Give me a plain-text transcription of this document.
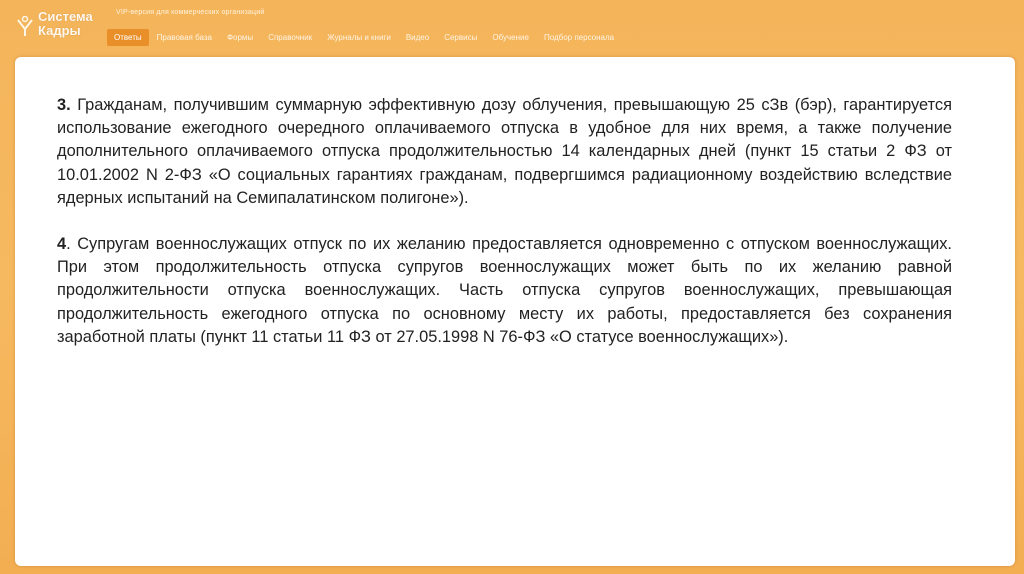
Система
Кадры
VIP-версия для коммерческих организаций
Ответы	Правовая база	Формы	Справочник	Журналы и книги	Видео	Сервисы	Обучение	Подбор персонала

3. Гражданам, получившим суммарную эффективную дозу облучения, превышающую 25 сЗв (бэр), гарантируется использование ежегодного очередного оплачиваемого отпуска в удобное для них время, а также получение дополнительного оплачиваемого отпуска продолжительностью 14 календарных дней (пункт 15 статьи 2 ФЗ от 10.01.2002 N 2-ФЗ «О социальных гарантиях гражданам, подвергшимся радиационному воздействию вследствие ядерных испытаний на Семипалатинском полигоне»).

4. Супругам военнослужащих отпуск по их желанию предоставляется одновременно с отпуском военнослужащих. При этом продолжительность отпуска супругов военнослужащих может быть по их желанию равной продолжительности отпуска военнослужащих. Часть отпуска супругов военнослужащих, превышающая продолжительность ежегодного отпуска по основному месту их работы, предоставляется без сохранения заработной платы (пункт 11 статьи 11 ФЗ от 27.05.1998 N 76-ФЗ «О статусе военнослужащих»).
